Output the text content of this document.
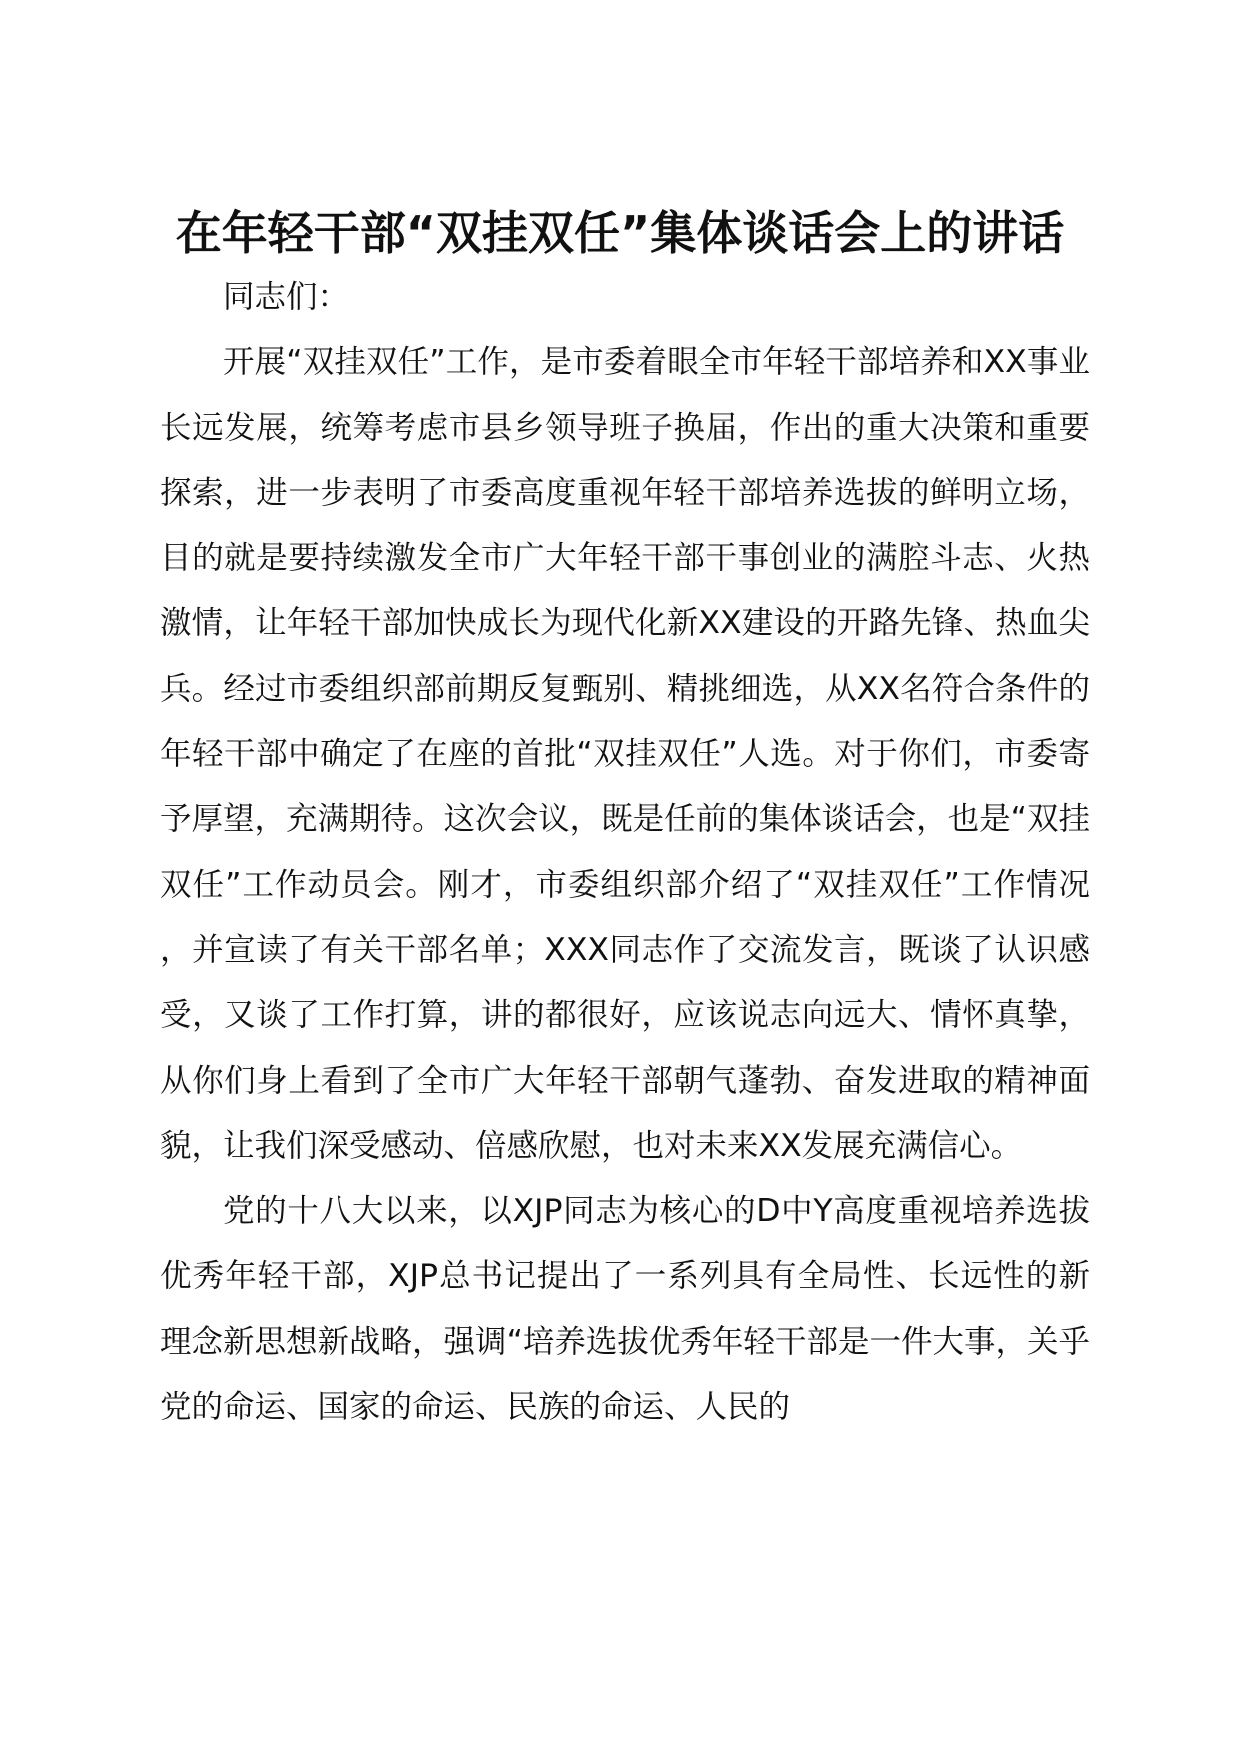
在年轻干部“双挂双任”集体谈话会上的讲话

同志们：

开展“双挂双任”工作，是市委着眼全市年轻干部培养和XX事业长远发展，统筹考虑市县乡领导班子换届，作出的重大决策和重要探索，进一步表明了市委高度重视年轻干部培养选拔的鲜明立场，目的就是要持续激发全市广大年轻干部干事创业的满腔斗志、火热激情，让年轻干部加快成长为现代化新XX建设的开路先锋、热血尖兵。经过市委组织部前期反复甄别、精挑细选，从XX名符合条件的年轻干部中确定了在座的首批“双挂双任”人选。对于你们，市委寄予厚望，充满期待。这次会议，既是任前的集体谈话会，也是“双挂双任”工作动员会。刚才，市委组织部介绍了“双挂双任”工作情况，并宣读了有关干部名单；XXX同志作了交流发言，既谈了认识感受，又谈了工作打算，讲的都很好，应该说志向远大、情怀真挚，从你们身上看到了全市广大年轻干部朝气蓬勃、奋发进取的精神面貌，让我们深受感动、倍感欣慰，也对未来XX发展充满信心。

党的十八大以来，以XJP同志为核心的D中Y高度重视培养选拔优秀年轻干部，XJP总书记提出了一系列具有全局性、长远性的新理念新思想新战略，强调“培养选拔优秀年轻干部是一件大事，关乎党的命运、国家的命运、民族的命运、人民的
